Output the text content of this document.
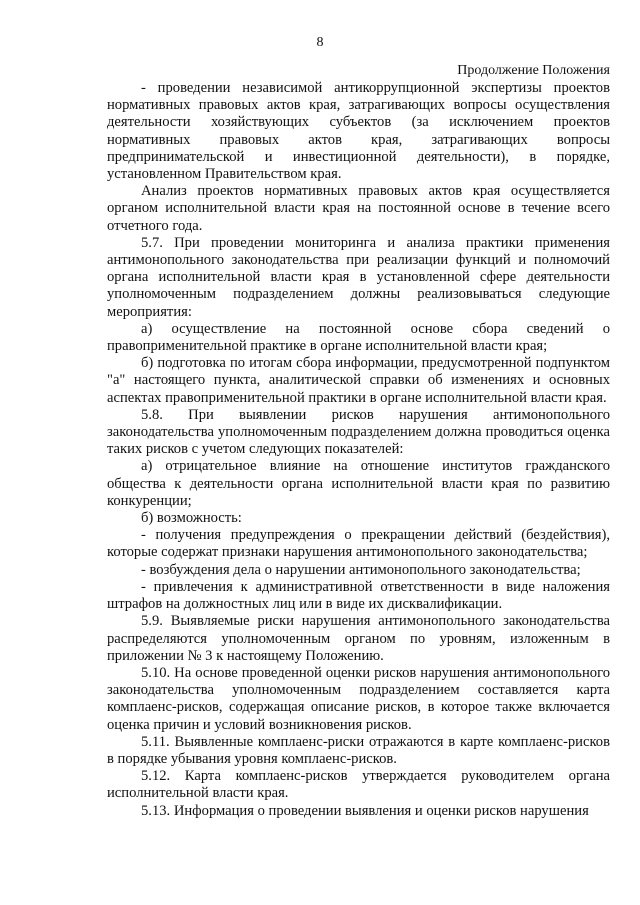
8
Продолжение Положения

- проведении независимой антикоррупционной экспертизы проектов нормативных правовых актов края, затрагивающих вопросы осуществления деятельности хозяйствующих субъектов (за исключением проектов нормативных правовых актов края, затрагивающих вопросы предпринимательской и инвестиционной деятельности), в порядке, установленном Правительством края.

Анализ проектов нормативных правовых актов края осуществляется органом исполнительной власти края на постоянной основе в течение всего отчетного года.

5.7. При проведении мониторинга и анализа практики применения антимонопольного законодательства при реализации функций и полномочий органа исполнительной власти края в установленной сфере деятельности уполномоченным подразделением должны реализовываться следующие мероприятия:

а) осуществление на постоянной основе сбора сведений о правоприменительной практике в органе исполнительной власти края;

б) подготовка по итогам сбора информации, предусмотренной подпунктом "а" настоящего пункта, аналитической справки об изменениях и основных аспектах правоприменительной практики в органе исполнительной власти края.

5.8. При выявлении рисков нарушения антимонопольного законодательства уполномоченным подразделением должна проводиться оценка таких рисков с учетом следующих показателей:

а) отрицательное влияние на отношение институтов гражданского общества к деятельности органа исполнительной власти края по развитию конкуренции;

б) возможность:

- получения предупреждения о прекращении действий (бездействия), которые содержат признаки нарушения антимонопольного законодательства;

- возбуждения дела о нарушении антимонопольного законодательства;

- привлечения к административной ответственности в виде наложения штрафов на должностных лиц или в виде их дисквалификации.

5.9. Выявляемые риски нарушения антимонопольного законодательства распределяются уполномоченным органом по уровням, изложенным в приложении № 3 к настоящему Положению.

5.10. На основе проведенной оценки рисков нарушения антимонопольного законодательства уполномоченным подразделением составляется карта комплаенс-рисков, содержащая описание рисков, в которое также включается оценка причин и условий возникновения рисков.

5.11. Выявленные комплаенс-риски отражаются в карте комплаенс-рисков в порядке убывания уровня комплаенс-рисков.

5.12. Карта комплаенс-рисков утверждается руководителем органа исполнительной власти края.

5.13. Информация о проведении выявления и оценки рисков нарушения
